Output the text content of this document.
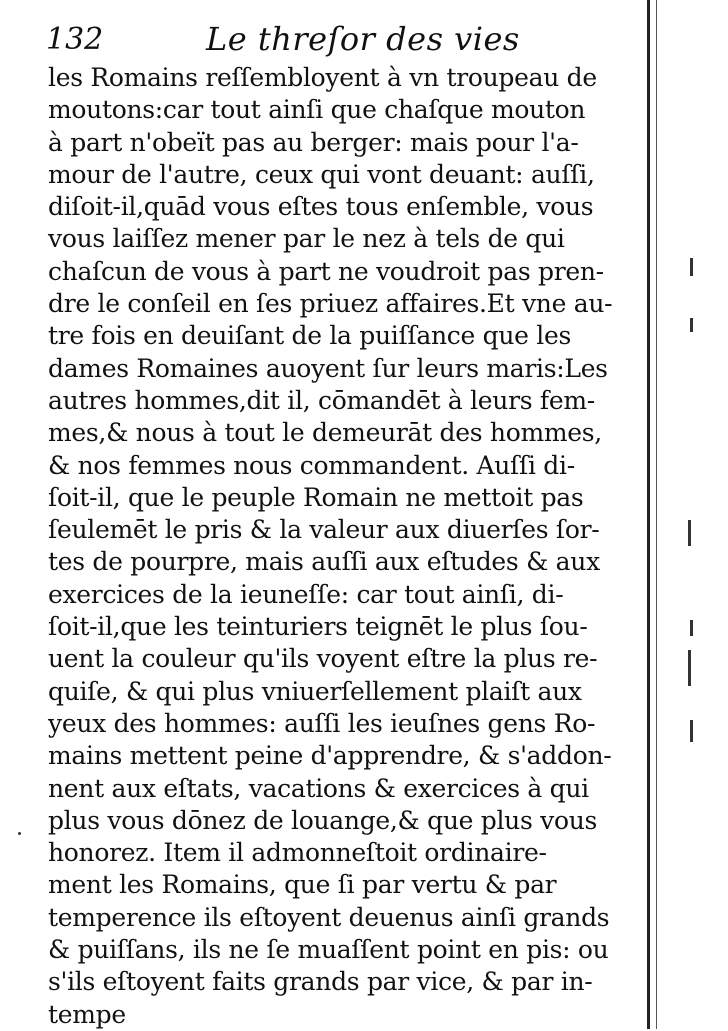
132	Le threſor des vies
les Romains reſſembloyent à vn troupeau de
moutons:car tout ainſi que chaſque mouton
à part n'obeït pas au berger: mais pour l'a-
mour de l'autre, ceux qui vont deuant: auſſi,
diſoit-il,quād vous eſtes tous enſemble, vous
vous laiſſez mener par le nez à tels de qui
chaſcun de vous à part ne voudroit pas pren-
dre le conſeil en ſes priuez affaires.Et vne au-
tre fois en deuiſant de la puiſſance que les
dames Romaines auoyent ſur leurs maris:Les
autres hommes,dit il, cōmandēt à leurs fem-
mes,& nous à tout le demeurāt des hommes,
& nos femmes nous commandent. Auſſi di-
ſoit-il, que le peuple Romain ne mettoit pas
ſeulemēt le pris & la valeur aux diuerſes ſor-
tes de pourpre, mais auſſi aux eſtudes & aux
exercices de la ieuneſſe: car tout ainſi, di-
ſoit-il,que les teinturiers teignēt le plus ſou-
uent la couleur qu'ils voyent eſtre la plus re-
quiſe, & qui plus vniuerſellement plaiſt aux
yeux des hommes: auſſi les ieuſnes gens Ro-
mains mettent peine d'apprendre, & s'addon-
nent aux eſtats, vacations & exercices à qui
plus vous dōnez de louange,& que plus vous
honorez. Item il admonneſtoit ordinaire-
ment les Romains, que ſi par vertu & par
temperence ils eſtoyent deuenus ainſi grands
& puiſſans, ils ne ſe muaſſent point en pis: ou
s'ils eſtoyent faits grands par vice, & par in-
tempe
